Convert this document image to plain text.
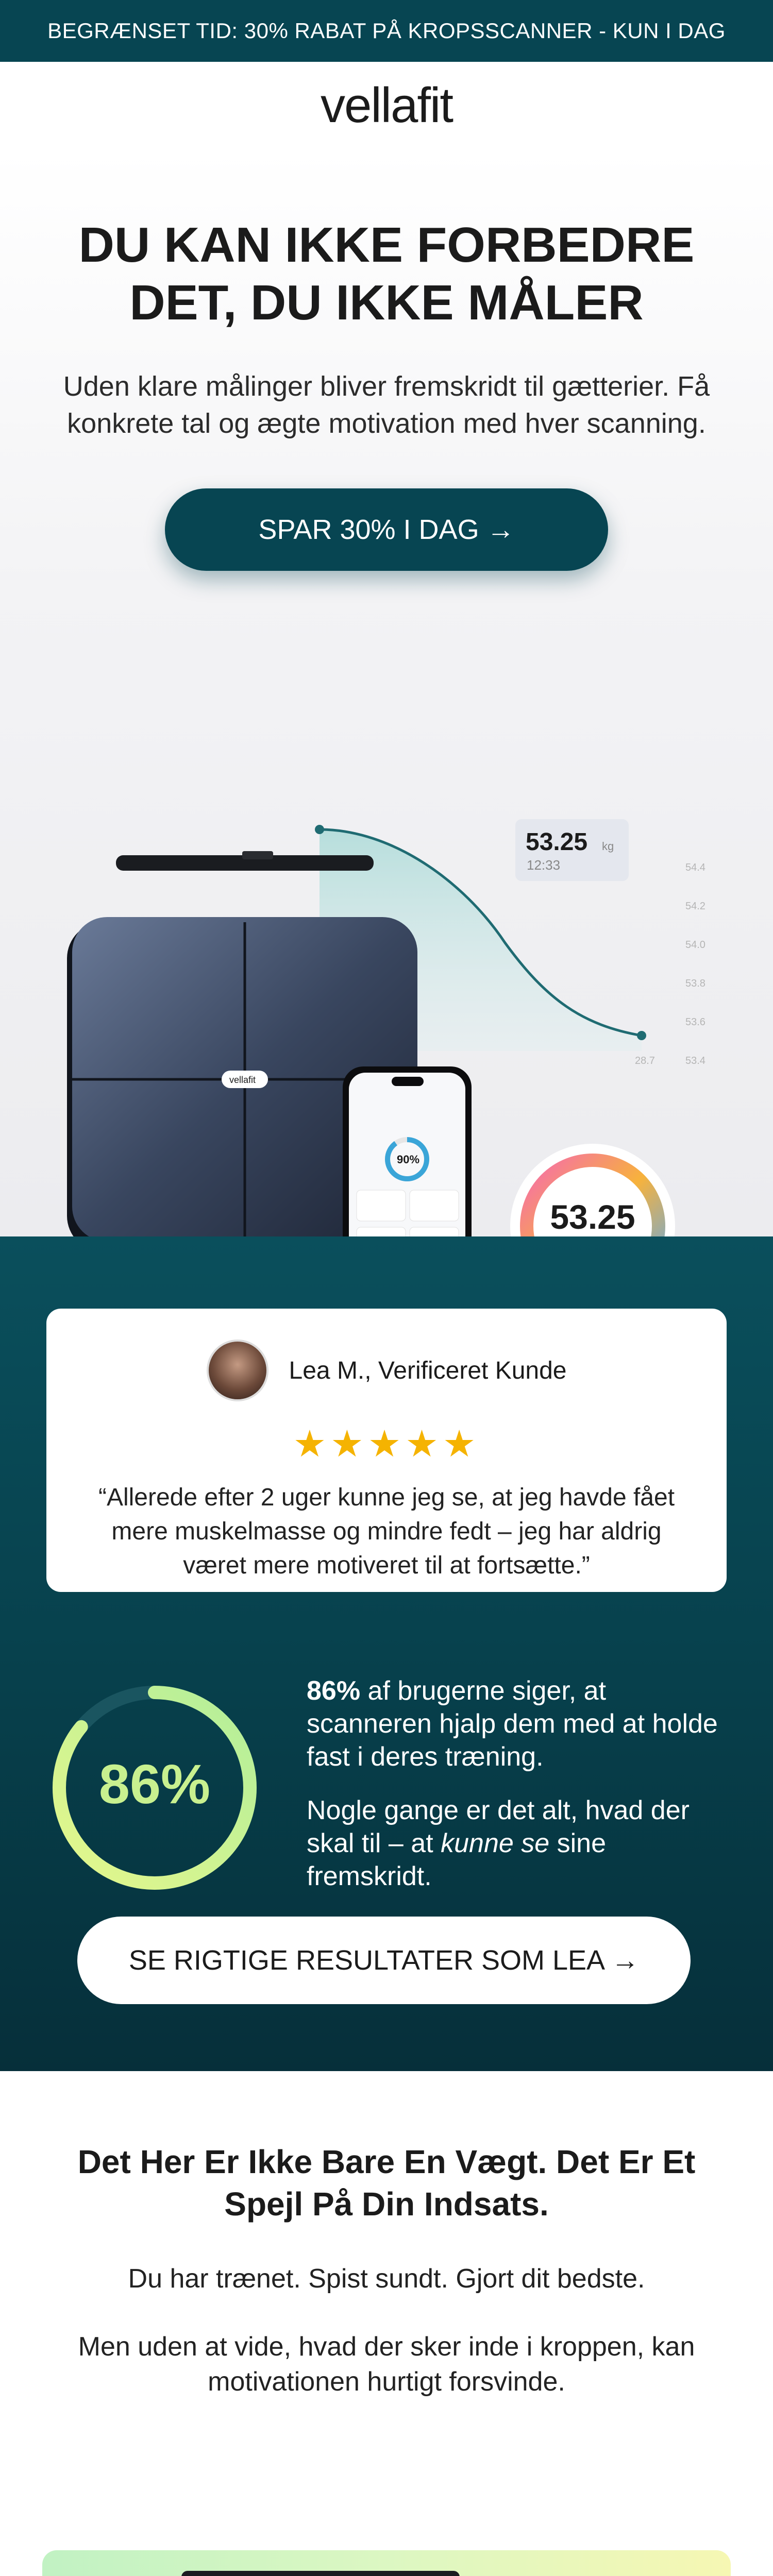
BEGRÆNSET TID: 30% RABAT PÅ KROPSSCANNER - KUN I DAG
vellafit
DU KAN IKKE FORBEDRE
DET, DU IKKE MÅLER

Uden klare målinger bliver fremskridt til gætterier. Få konkrete tal og ægte motivation med hver scanning.

SPAR 30% I DAG →
53.25 kg
12:33	54.4
54.2
54.0
53.8
53.6
53.4
28.7
vellafit
90%
53.25
Lea M., Verificeret Kunde
★★★★★

“Allerede efter 2 uger kunne jeg se, at jeg havde fået mere muskelmasse og mindre fedt – jeg har aldrig været mere motiveret til at fortsætte.”

86%

86% af brugerne siger, at scanneren hjalp dem med at holde fast i deres træning.

Nogle gange er det alt, hvad der skal til – at kunne se sine fremskridt.

SE RIGTIGE RESULTATER SOM LEA →
Det Her Er Ikke Bare En Vægt. Det Er Et Spejl På Din Indsats.

Du har trænet. Spist sundt. Gjort dit bedste.

Men uden at vide, hvad der sker inde i kroppen, kan motivationen hurtigt forsvinde.
